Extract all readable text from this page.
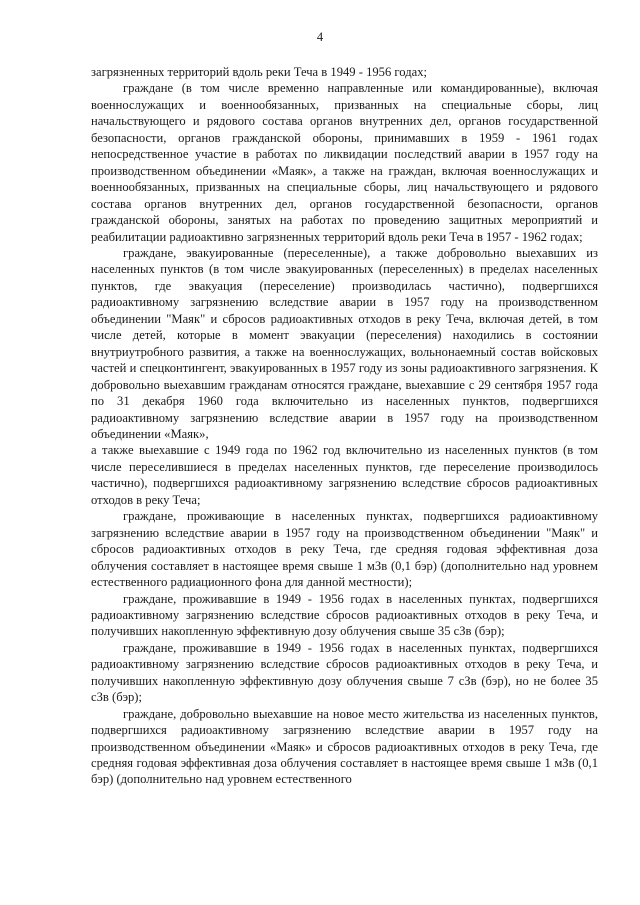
4

загрязненных территорий вдоль реки Теча в 1949 - 1956 годах;

граждане (в том числе временно направленные или командированные), включая военнослужащих и военнообязанных, призванных на специальные сборы, лиц начальствующего и рядового состава органов внутренних дел, органов государственной безопасности, органов гражданской обороны, принимавших в 1959 - 1961 годах непосредственное участие в работах по ликвидации последствий аварии в 1957 году на производственном объединении «Маяк», а также на граждан, включая военнослужащих и военнообязанных, призванных на специальные сборы, лиц начальствующего и рядового состава органов внутренних дел, органов государственной безопасности, органов гражданской обороны, занятых на работах по проведению защитных мероприятий и реабилитации радиоактивно загрязненных территорий вдоль реки Теча в 1957 - 1962 годах;

граждане, эвакуированные (переселенные), а также добровольно выехавших из населенных пунктов (в том числе эвакуированных (переселенных) в пределах населенных пунктов, где эвакуация (переселение) производилась частично), подвергшихся радиоактивному загрязнению вследствие аварии в 1957 году на производственном объединении "Маяк" и сбросов радиоактивных отходов в реку Теча, включая детей, в том числе детей, которые в момент эвакуации (переселения) находились в состоянии внутриутробного развития, а также на военнослужащих, вольнонаемный состав войсковых частей и спецконтингент, эвакуированных в 1957 году из зоны радиоактивного загрязнения. К добровольно выехавшим гражданам относятся граждане, выехавшие с 29 сентября 1957 года по 31 декабря 1960 года включительно из населенных пунктов, подвергшихся радиоактивному загрязнению вследствие аварии в 1957 году на производственном объединении «Маяк»,

а также выехавшие с 1949 года по 1962 год включительно из населенных пунктов (в том числе переселившиеся в пределах населенных пунктов, где переселение производилось частично), подвергшихся радиоактивному загрязнению вследствие сбросов радиоактивных отходов в реку Теча;

граждане, проживающие в населенных пунктах, подвергшихся радиоактивному загрязнению вследствие аварии в 1957 году на производственном объединении "Маяк" и сбросов радиоактивных отходов в реку Теча, где средняя годовая эффективная доза облучения составляет в настоящее время свыше 1 мЗв (0,1 бэр) (дополнительно над уровнем естественного радиационного фона для данной местности);

граждане, проживавшие в 1949 - 1956 годах в населенных пунктах, подвергшихся радиоактивному загрязнению вследствие сбросов радиоактивных отходов в реку Теча, и получивших накопленную эффективную дозу облучения свыше 35 сЗв (бэр);

граждане, проживавшие в 1949 - 1956 годах в населенных пунктах, подвергшихся радиоактивному загрязнению вследствие сбросов радиоактивных отходов в реку Теча, и получивших накопленную эффективную дозу облучения свыше 7 сЗв (бэр), но не более 35 сЗв (бэр);

граждане, добровольно выехавшие на новое место жительства из населенных пунктов, подвергшихся радиоактивному загрязнению вследствие аварии в 1957 году на производственном объединении «Маяк» и сбросов радиоактивных отходов в реку Теча, где средняя годовая эффективная доза облучения составляет в настоящее время свыше 1 мЗв (0,1 бэр) (дополнительно над уровнем естественного
